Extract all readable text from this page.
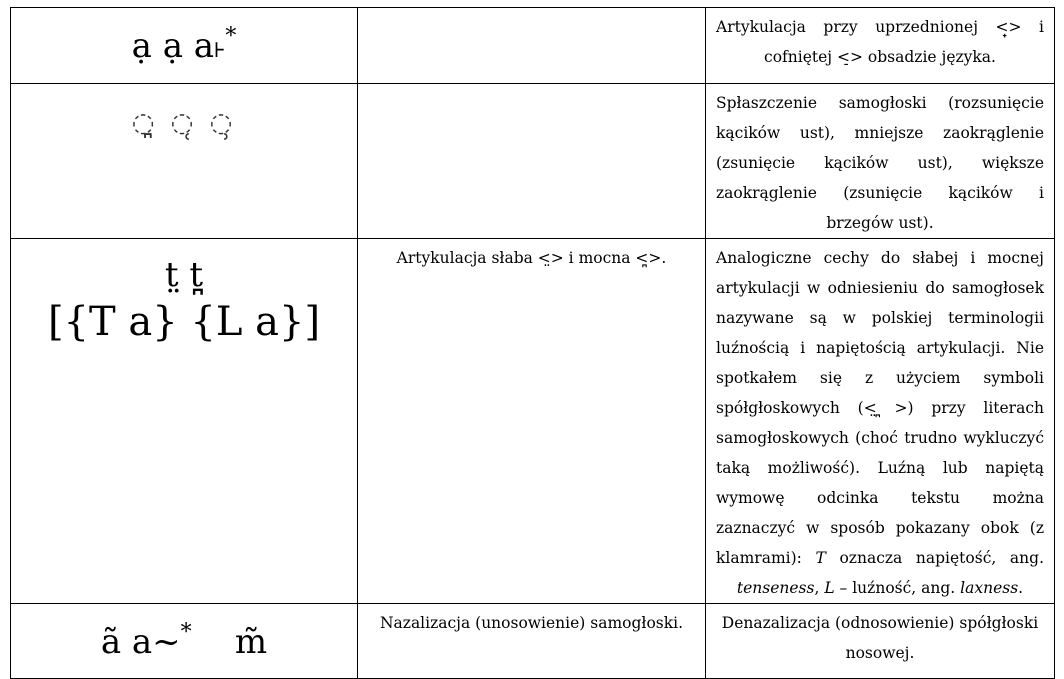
ạ ạ a˫*		Artykulacja przy uprzednionej <̟> i cofniętej <̠> obsadzie języka.

◌̪ ◌̜ ◌̹		Spłaszczenie samogłoski (rozsunięcie kącików ust), mniejsze zaokrąglenie (zsunięcie kącików ust), większe zaokrąglenie (zsunięcie kącików i brzegów ust).

t̤ t̪
[{T a} {L a}]	Artykulacja słaba <̤> i mocna <̪>.	Analogiczne cechy do słabej i mocnej artykulacji w odniesieniu do samogłosek nazywane są w polskiej terminologii luźnością i napiętością artykulacji. Nie spotkałem się z użyciem symboli spółgłoskowych (<̤ ̪>) przy literach samogłoskowych (choć trudno wykluczyć taką możliwość). Luźną lub napiętą wymowę odcinka tekstu można zaznaczyć w sposób pokazany obok (z klamrami): T oznacza napiętość, ang. tenseness, L – luźność, ang. laxness.

ã a~* m̃	Nazalizacja (unosowienie) samogłoski.	Denazalizacja (odnosowienie) spółgłoski nosowej.
